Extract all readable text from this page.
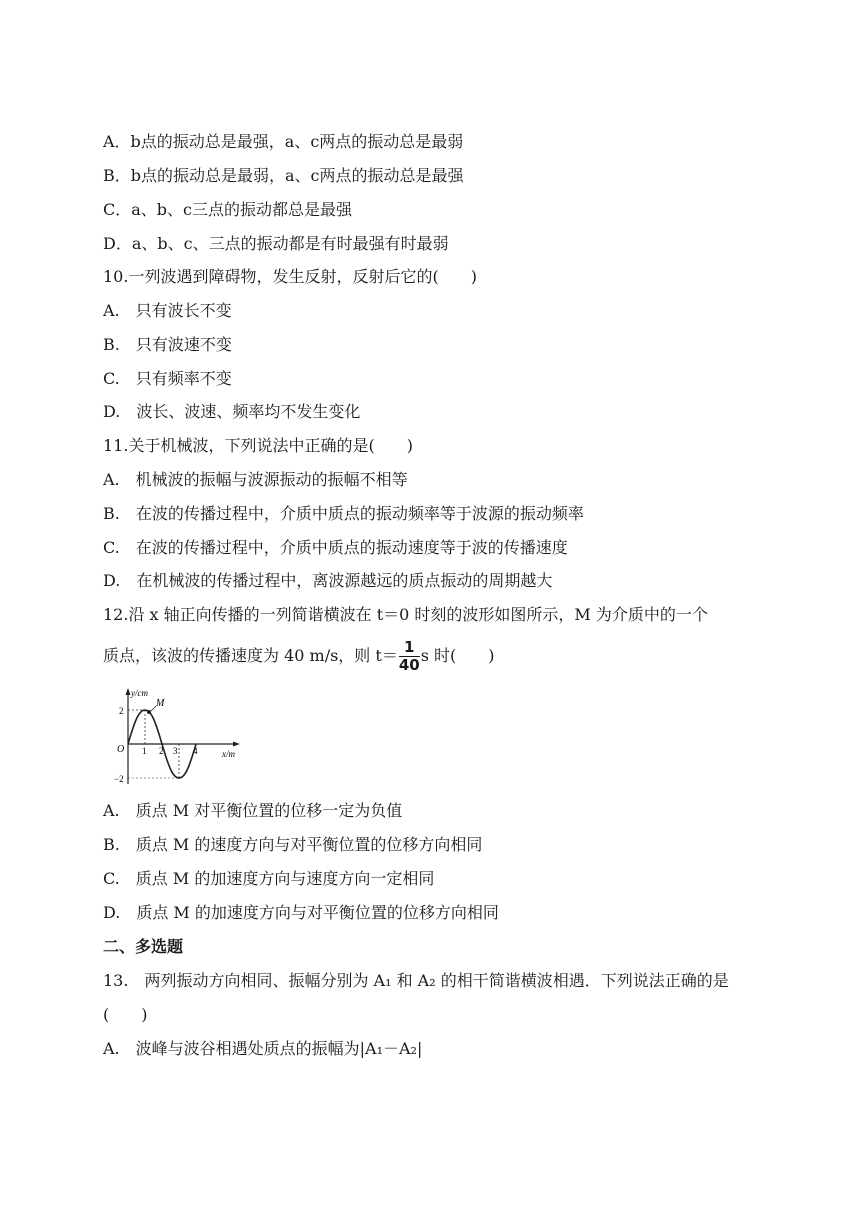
A．b点的振动总是最强，a、c两点的振动总是最弱
B．b点的振动总是最弱，a、c两点的振动总是最强
C．a、b、c三点的振动都总是最强
D．a、b、c、三点的振动都是有时最强有时最弱
10.一列波遇到障碍物，发生反射，反射后它的(　　)
A.　只有波长不变
B.　只有波速不变
C.　只有频率不变
D.　波长、波速、频率均不发生变化
11.关于机械波，下列说法中正确的是(　　)
A.　机械波的振幅与波源振动的振幅不相等
B.　在波的传播过程中，介质中质点的振动频率等于波源的振动频率
C.　在波的传播过程中，介质中质点的振动速度等于波的传播速度
D.　在机械波的传播过程中，离波源越远的质点振动的周期越大
12.沿 x 轴正向传播的一列简谐横波在 t＝0 时刻的波形如图所示，M 为介质中的一个
质点，该波的传播速度为 40 m/s，则 $t= \frac{1}{40}$ s 时(　　)
M
y/cm
x/m
O
2
−2
1 2 3 4
A.　质点 M 对平衡位置的位移一定为负值
B.　质点 M 的速度方向与对平衡位置的位移方向相同
C.　质点 M 的加速度方向与速度方向一定相同
D.　质点 M 的加速度方向与对平衡位置的位移方向相同
二、多选题
13.　两列振动方向相同、振幅分别为 A₁ 和 A₂ 的相干简谐横波相遇．下列说法正确的是
(　　)
A.　波峰与波谷相遇处质点的振幅为|A₁－A₂|
